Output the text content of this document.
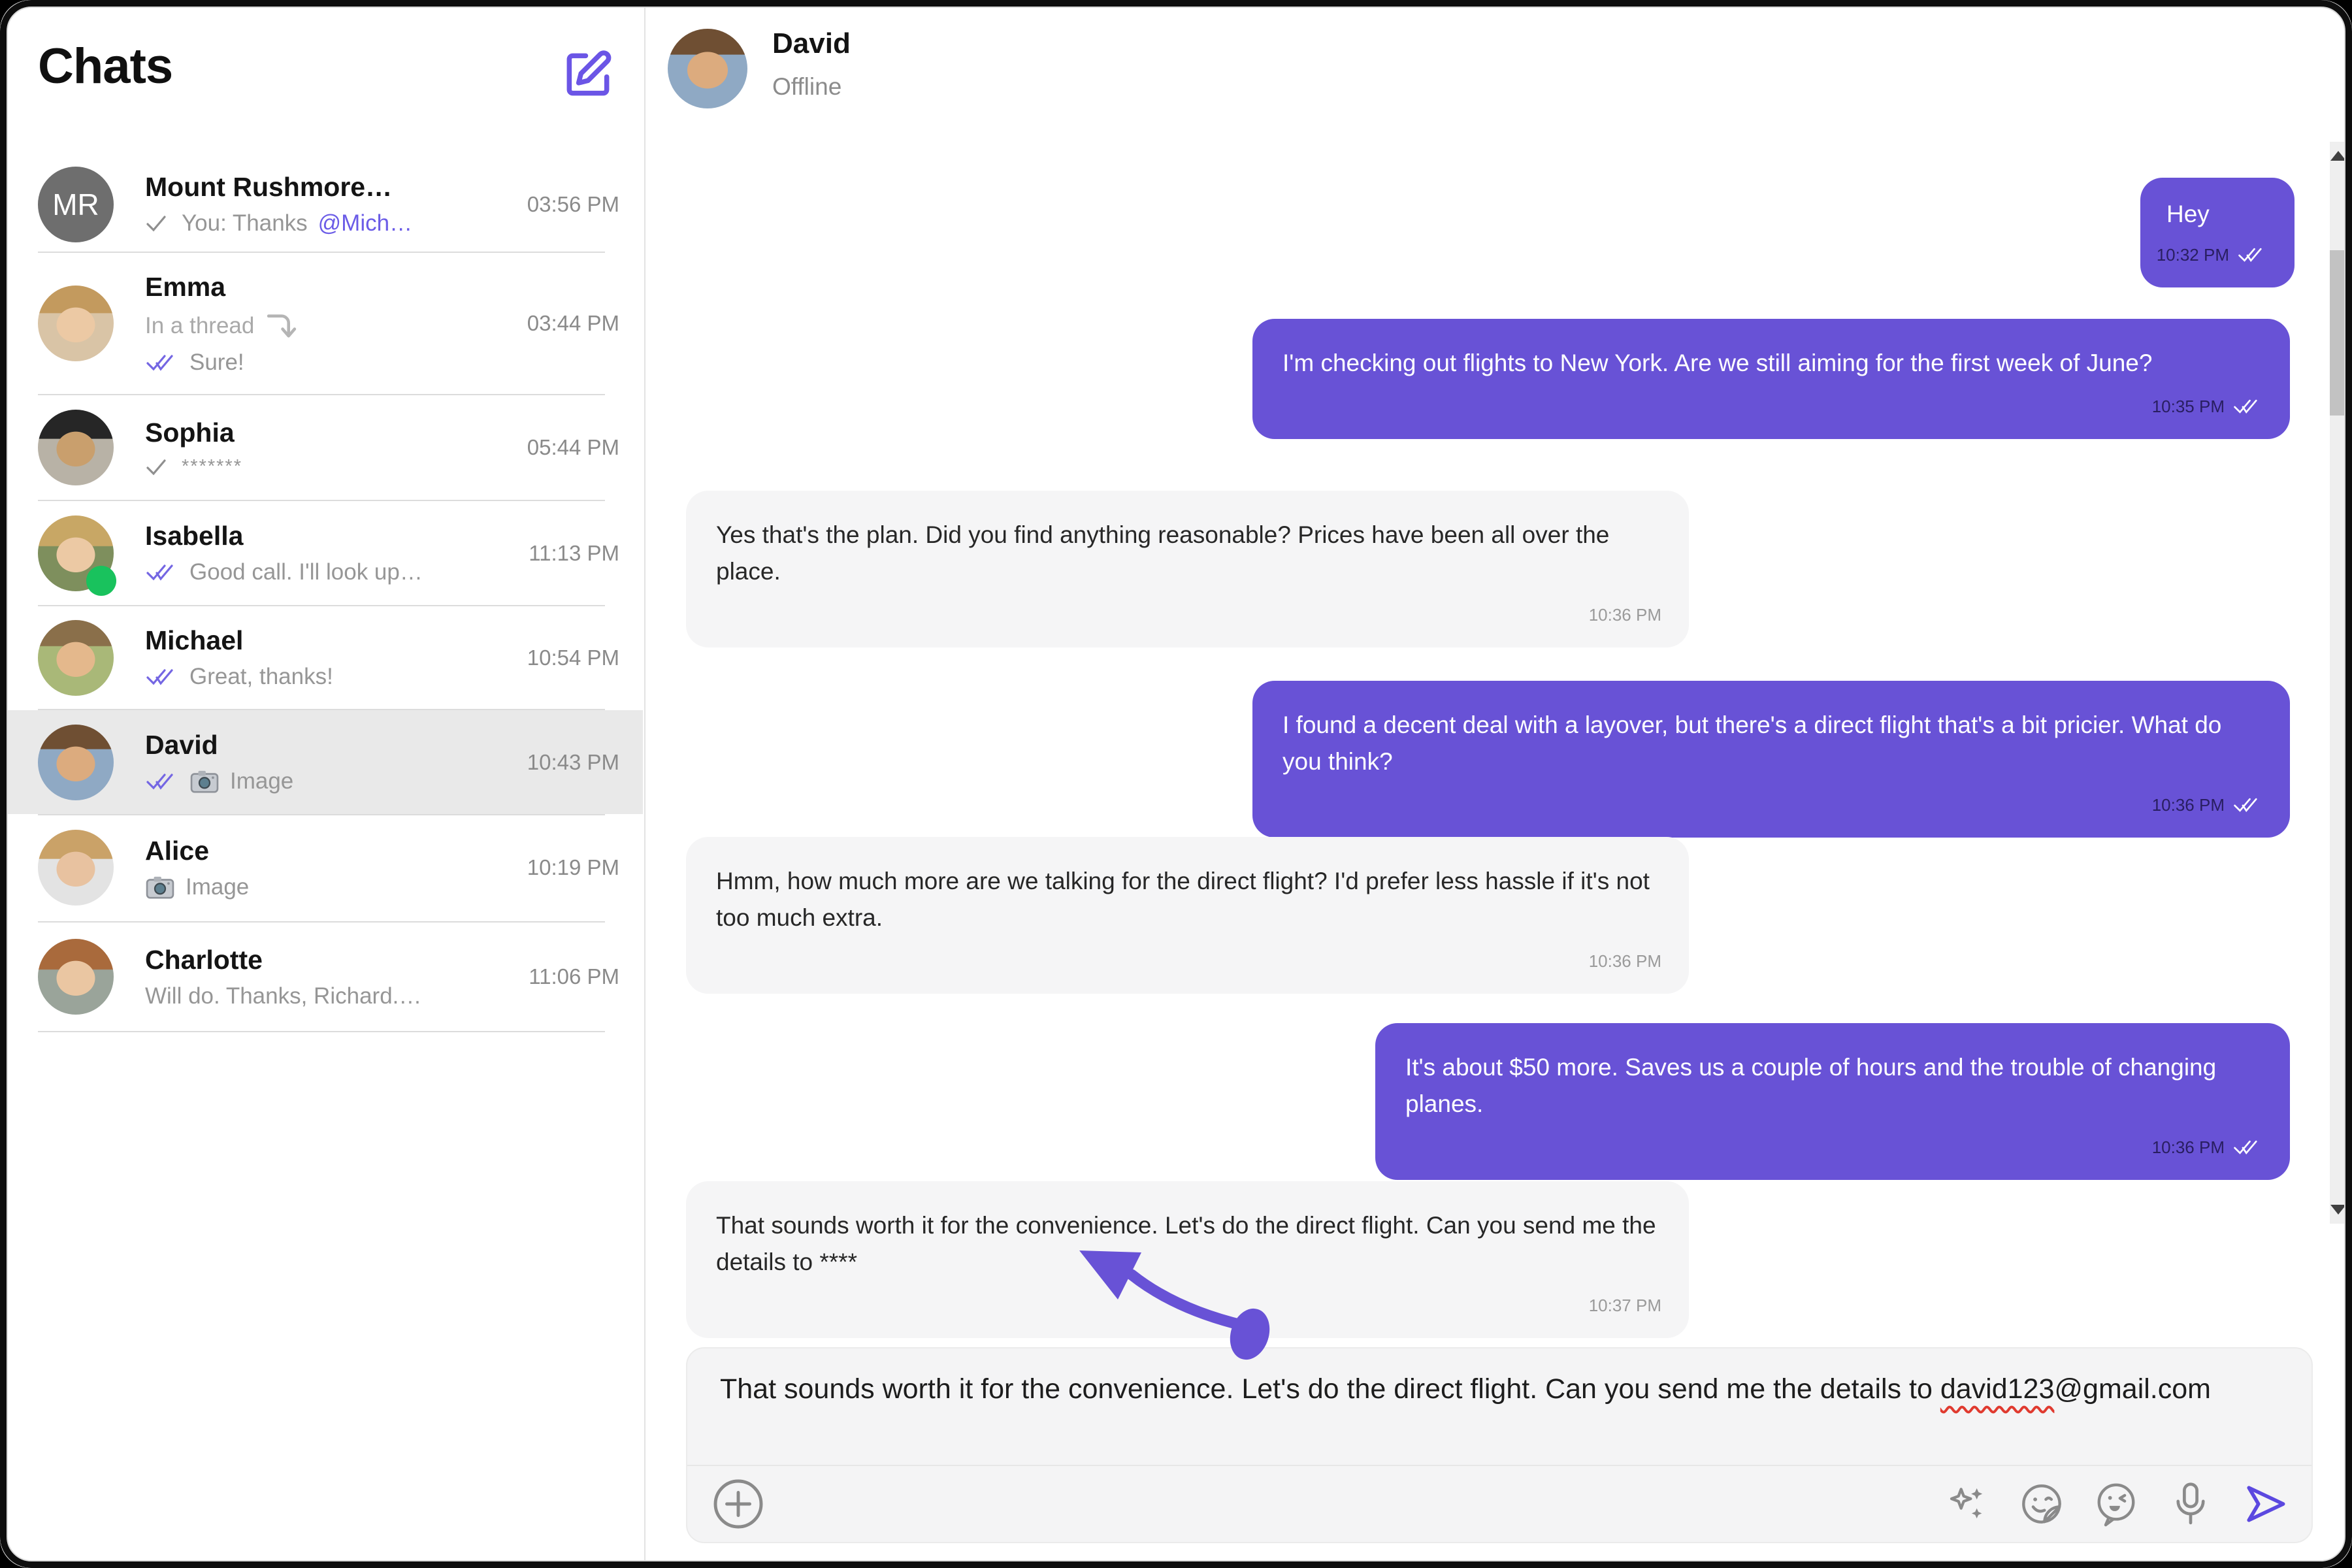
Chats
MR
Mount Rushmore…
You: Thanks @Mich…
03:56 PM
Emma
In a thread
Sure!
03:44 PM
Sophia
*******
05:44 PM
Isabella
Good call. I'll look up…
11:13 PM
Michael
Great, thanks!
10:54 PM
David
Image
10:43 PM
Alice
Image
10:19 PM
Charlotte
Will do. Thanks, Richard.…
11:06 PM
David
Offline
Hey
10:32 PM
I'm checking out flights to New York. Are we still aiming for the first week of June?
10:35 PM
Yes that's the plan. Did you find anything reasonable? Prices have been all over the place.
10:36 PM
I found a decent deal with a layover, but there's a direct flight that's a bit pricier. What do you think?
10:36 PM
Hmm, how much more are we talking for the direct flight? I'd prefer less hassle if it's not too much extra.
10:36 PM
It's about $50 more. Saves us a couple of hours and the trouble of changing planes.
10:36 PM
That sounds worth it for the convenience. Let's do the direct flight. Can you send me the details to ****
10:37 PM
That sounds worth it for the convenience. Let's do the direct flight. Can you send me the details to david123@gmail.com
